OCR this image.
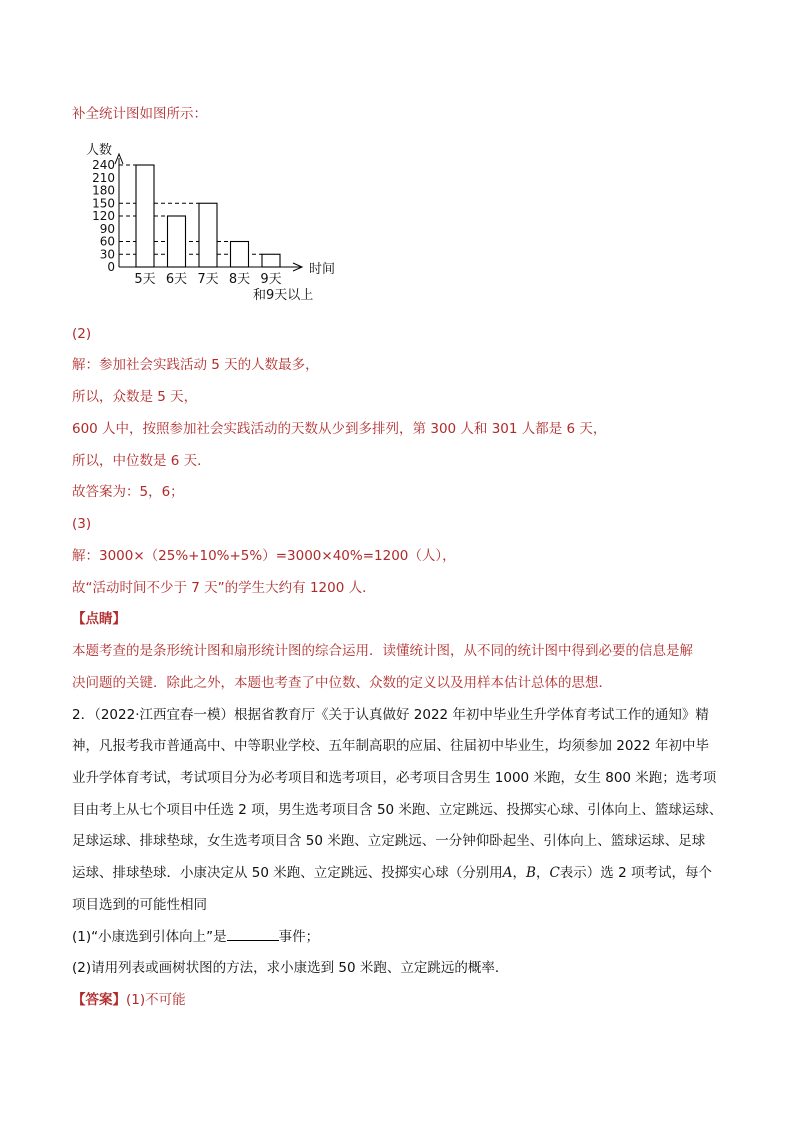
补全统计图如图所示：
人数
时间
0
30
60
90
120
150
180
210
240
5天 6天 7天 8天 9天
和9天以上
(2)
解：参加社会实践活动 5 天的人数最多，
所以，众数是 5 天，
600 人中，按照参加社会实践活动的天数从少到多排列，第 300 人和 301 人都是 6 天，
所以，中位数是 6 天．
故答案为：5，6；
(3)
解：3000×（25%+10%+5%）=3000×40%=1200（人），
故“活动时间不少于 7 天”的学生大约有 1200 人．
【点睛】
本题考查的是条形统计图和扇形统计图的综合运用．读懂统计图，从不同的统计图中得到必要的信息是解
决问题的关键．除此之外，本题也考查了中位数、众数的定义以及用样本估计总体的思想．
2．（2022·江西宜春一模）根据省教育厅《关于认真做好 2022 年初中毕业生升学体育考试工作的通知》精
神，凡报考我市普通高中、中等职业学校、五年制高职的应届、往届初中毕业生，均须参加 2022 年初中毕
业升学体育考试，考试项目分为必考项目和选考项目，必考项目含男生 1000 米跑，女生 800 米跑；选考项
目由考上从七个项目中任选 2 项，男生选考项目含 50 米跑、立定跳远、投掷实心球、引体向上、篮球运球、
足球运球、排球垫球，女生选考项目含 50 米跑、立定跳远、一分钟仰卧起坐、引体向上、篮球运球、足球
运球、排球垫球．小康决定从 50 米跑、立定跳远、投掷实心球（分别用A，B，C表示）选 2 项考试，每个
项目选到的可能性相同
(1)“小康选到引体向上”是	事件；
(2)请用列表或画树状图的方法，求小康选到 50 米跑、立定跳远的概率．
【答案】(1)不可能
